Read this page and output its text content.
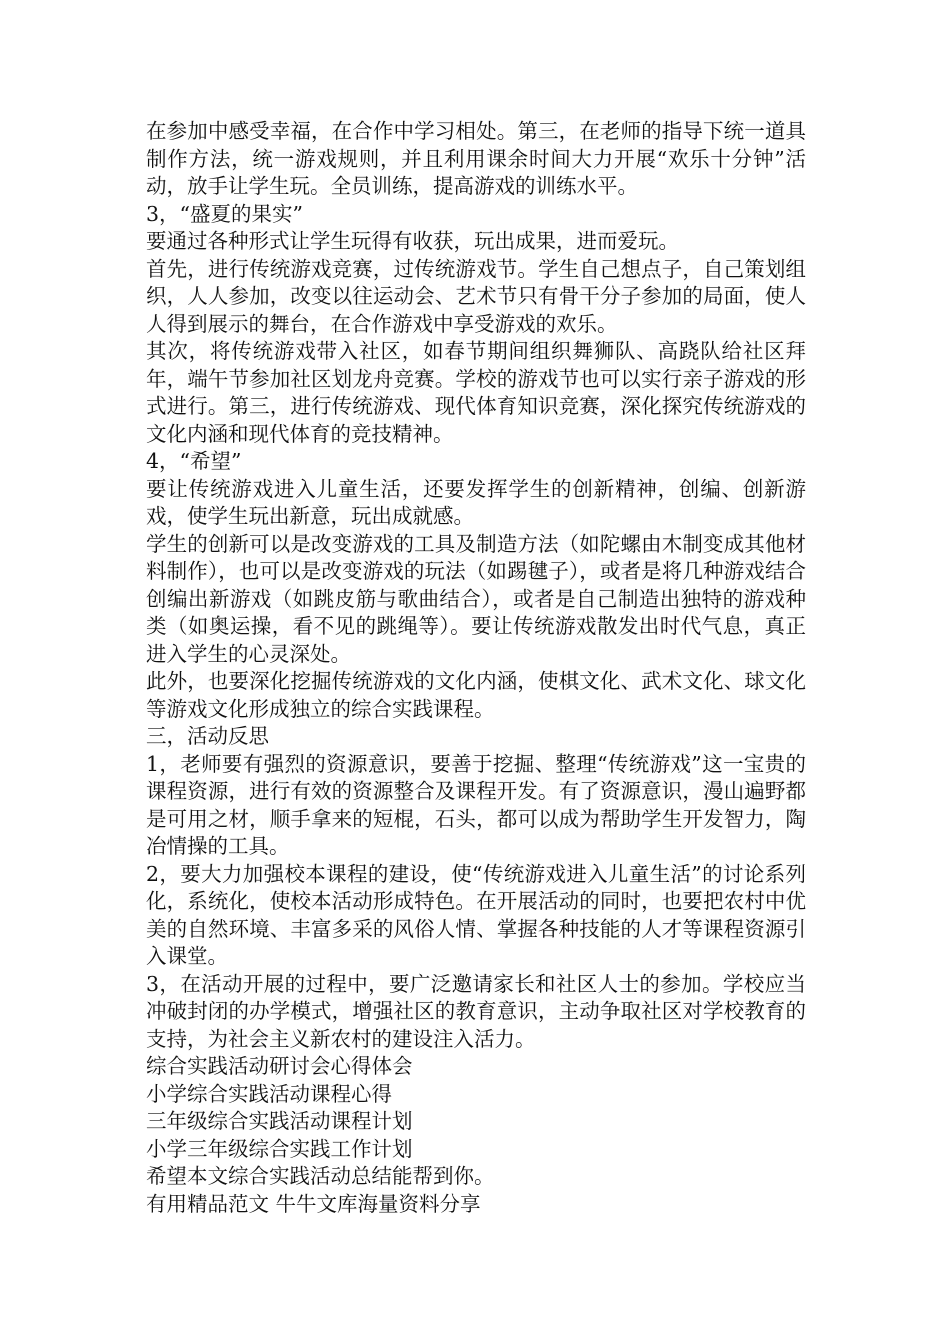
在参加中感受幸福，在合作中学习相处。第三，在老师的指导下统一道具制作方法，统一游戏规则，并且利用课余时间大力开展“欢乐十分钟”活动，放手让学生玩。全员训练，提高游戏的训练水平。

3，“盛夏的果实”

要通过各种形式让学生玩得有收获，玩出成果，进而爱玩。

首先，进行传统游戏竞赛，过传统游戏节。学生自己想点子，自己策划组织，人人参加，改变以往运动会、艺术节只有骨干分子参加的局面，使人人得到展示的舞台，在合作游戏中享受游戏的欢乐。

其次，将传统游戏带入社区，如春节期间组织舞狮队、高跷队给社区拜年，端午节参加社区划龙舟竞赛。学校的游戏节也可以实行亲子游戏的形式进行。第三，进行传统游戏、现代体育知识竞赛，深化探究传统游戏的文化内涵和现代体育的竞技精神。

4，“希望”

要让传统游戏进入儿童生活，还要发挥学生的创新精神，创编、创新游戏，使学生玩出新意，玩出成就感。

学生的创新可以是改变游戏的工具及制造方法（如陀螺由木制变成其他材料制作），也可以是改变游戏的玩法（如踢毽子），或者是将几种游戏结合创编出新游戏（如跳皮筋与歌曲结合），或者是自己制造出独特的游戏种类（如奥运操，看不见的跳绳等）。要让传统游戏散发出时代气息，真正进入学生的心灵深处。

此外，也要深化挖掘传统游戏的文化内涵，使棋文化、武术文化、球文化等游戏文化形成独立的综合实践课程。

三，活动反思

1，老师要有强烈的资源意识，要善于挖掘、整理“传统游戏”这一宝贵的课程资源，进行有效的资源整合及课程开发。有了资源意识，漫山遍野都是可用之材，顺手拿来的短棍，石头，都可以成为帮助学生开发智力，陶冶情操的工具。

2，要大力加强校本课程的建设，使“传统游戏进入儿童生活”的讨论系列化，系统化，使校本活动形成特色。在开展活动的同时，也要把农村中优美的自然环境、丰富多采的风俗人情、掌握各种技能的人才等课程资源引入课堂。

3，在活动开展的过程中，要广泛邀请家长和社区人士的参加。学校应当冲破封闭的办学模式，增强社区的教育意识，主动争取社区对学校教育的支持，为社会主义新农村的建设注入活力。

综合实践活动研讨会心得体会

小学综合实践活动课程心得

三年级综合实践活动课程计划

小学三年级综合实践工作计划

希望本文综合实践活动总结能帮到你。

有用精品范文 牛牛文库海量资料分享
